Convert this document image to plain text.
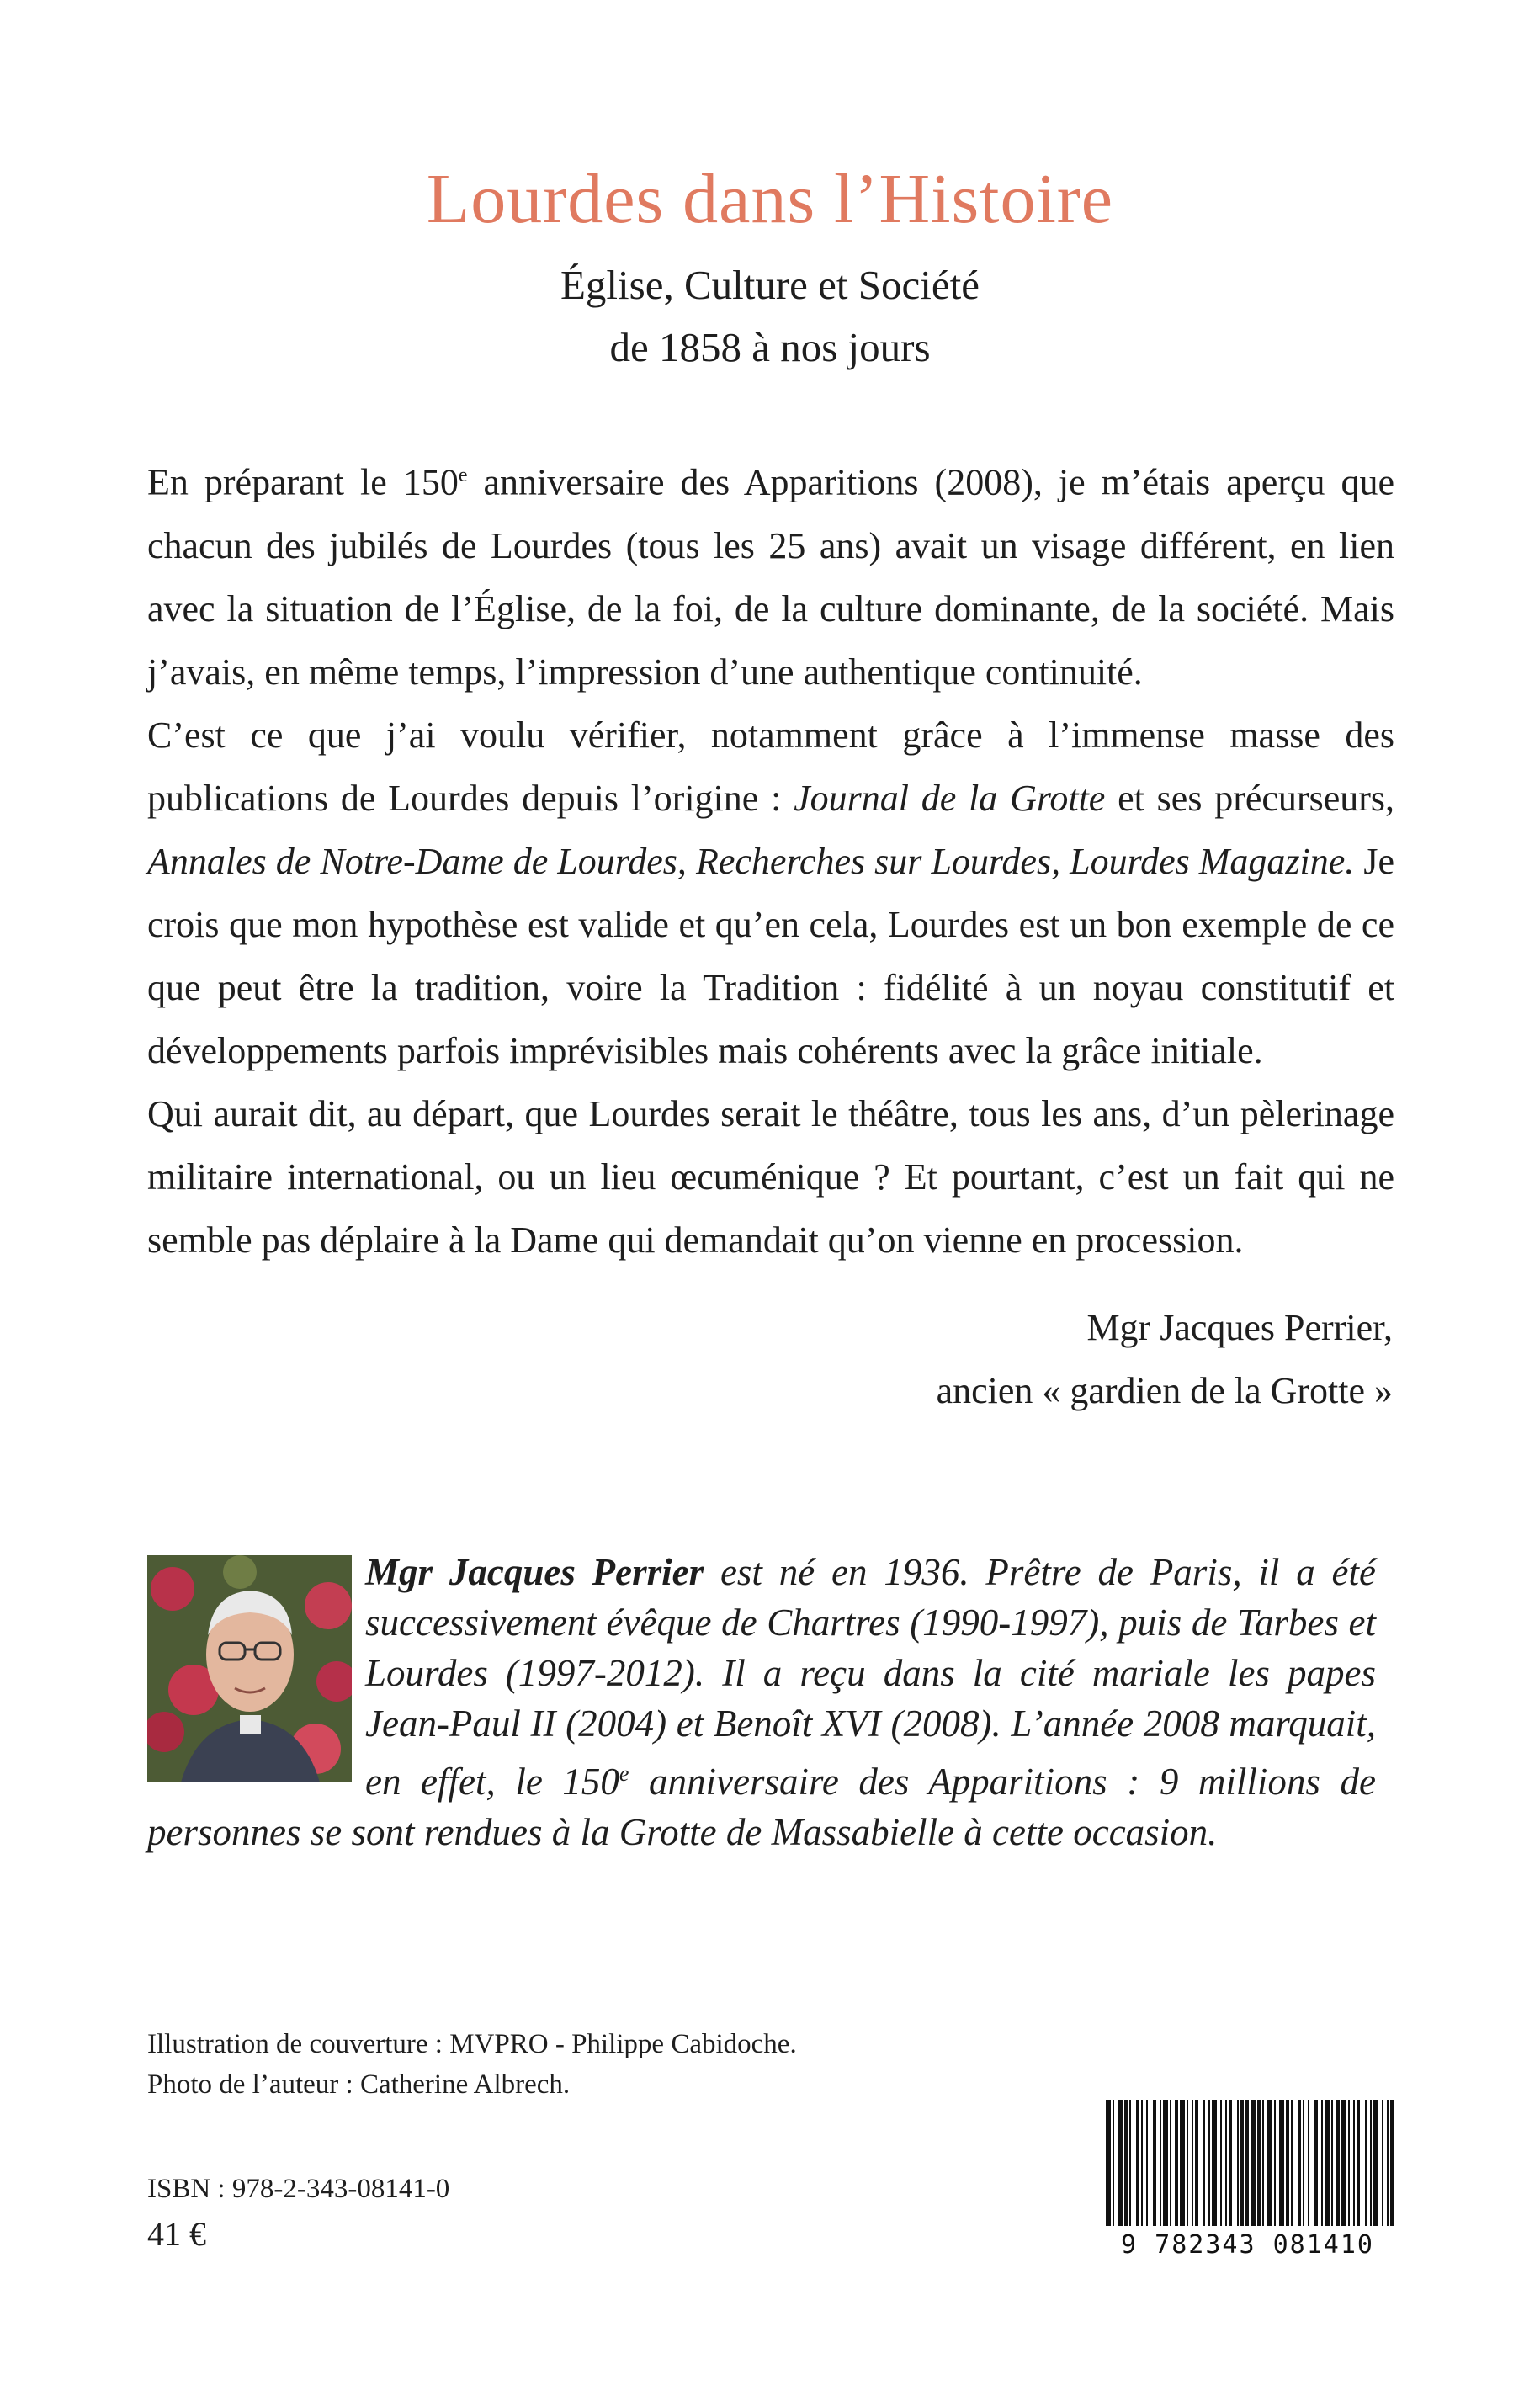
Lourdes dans l’Histoire
Église, Culture et Société
de 1858 à nos jours

En préparant le 150e anniversaire des Apparitions (2008), je m’étais aperçu que chacun des jubilés de Lourdes (tous les 25 ans) avait un visage différent, en lien avec la situation de l’Église, de la foi, de la culture dominante, de la société. Mais j’avais, en même temps, l’impression d’une authentique continuité.

C’est ce que j’ai voulu vérifier, notamment grâce à l’immense masse des publications de Lourdes depuis l’origine : Journal de la Grotte et ses précurseurs, Annales de Notre-Dame de Lourdes, Recherches sur Lourdes, Lourdes Magazine. Je crois que mon hypothèse est valide et qu’en cela, Lourdes est un bon exemple de ce que peut être la tradition, voire la Tradition : fidélité à un noyau constitutif et développements parfois imprévisibles mais cohérents avec la grâce initiale.

Qui aurait dit, au départ, que Lourdes serait le théâtre, tous les ans, d’un pèlerinage militaire international, ou un lieu œcuménique ? Et pourtant, c’est un fait qui ne semble pas déplaire à la Dame qui demandait qu’on vienne en procession.

Mgr Jacques Perrier,
ancien « gardien de la Grotte »

Mgr Jacques Perrier est né en 1936. Prêtre de Paris, il a été successivement évêque de Chartres (1990-1997), puis de Tarbes et Lourdes (1997-2012). Il a reçu dans la cité mariale les papes Jean-Paul II (2004) et Benoît XVI (2008). L’année 2008 marquait, en effet, le 150e anniversaire des Apparitions : 9 millions de personnes se sont rendues à la Grotte de Massabielle à cette occasion.

Illustration de couverture : MVPRO - Philippe Cabidoche.
Photo de l’auteur : Catherine Albrech.
ISBN : 978-2-343-08141-0
41 €	9 782343 081410
